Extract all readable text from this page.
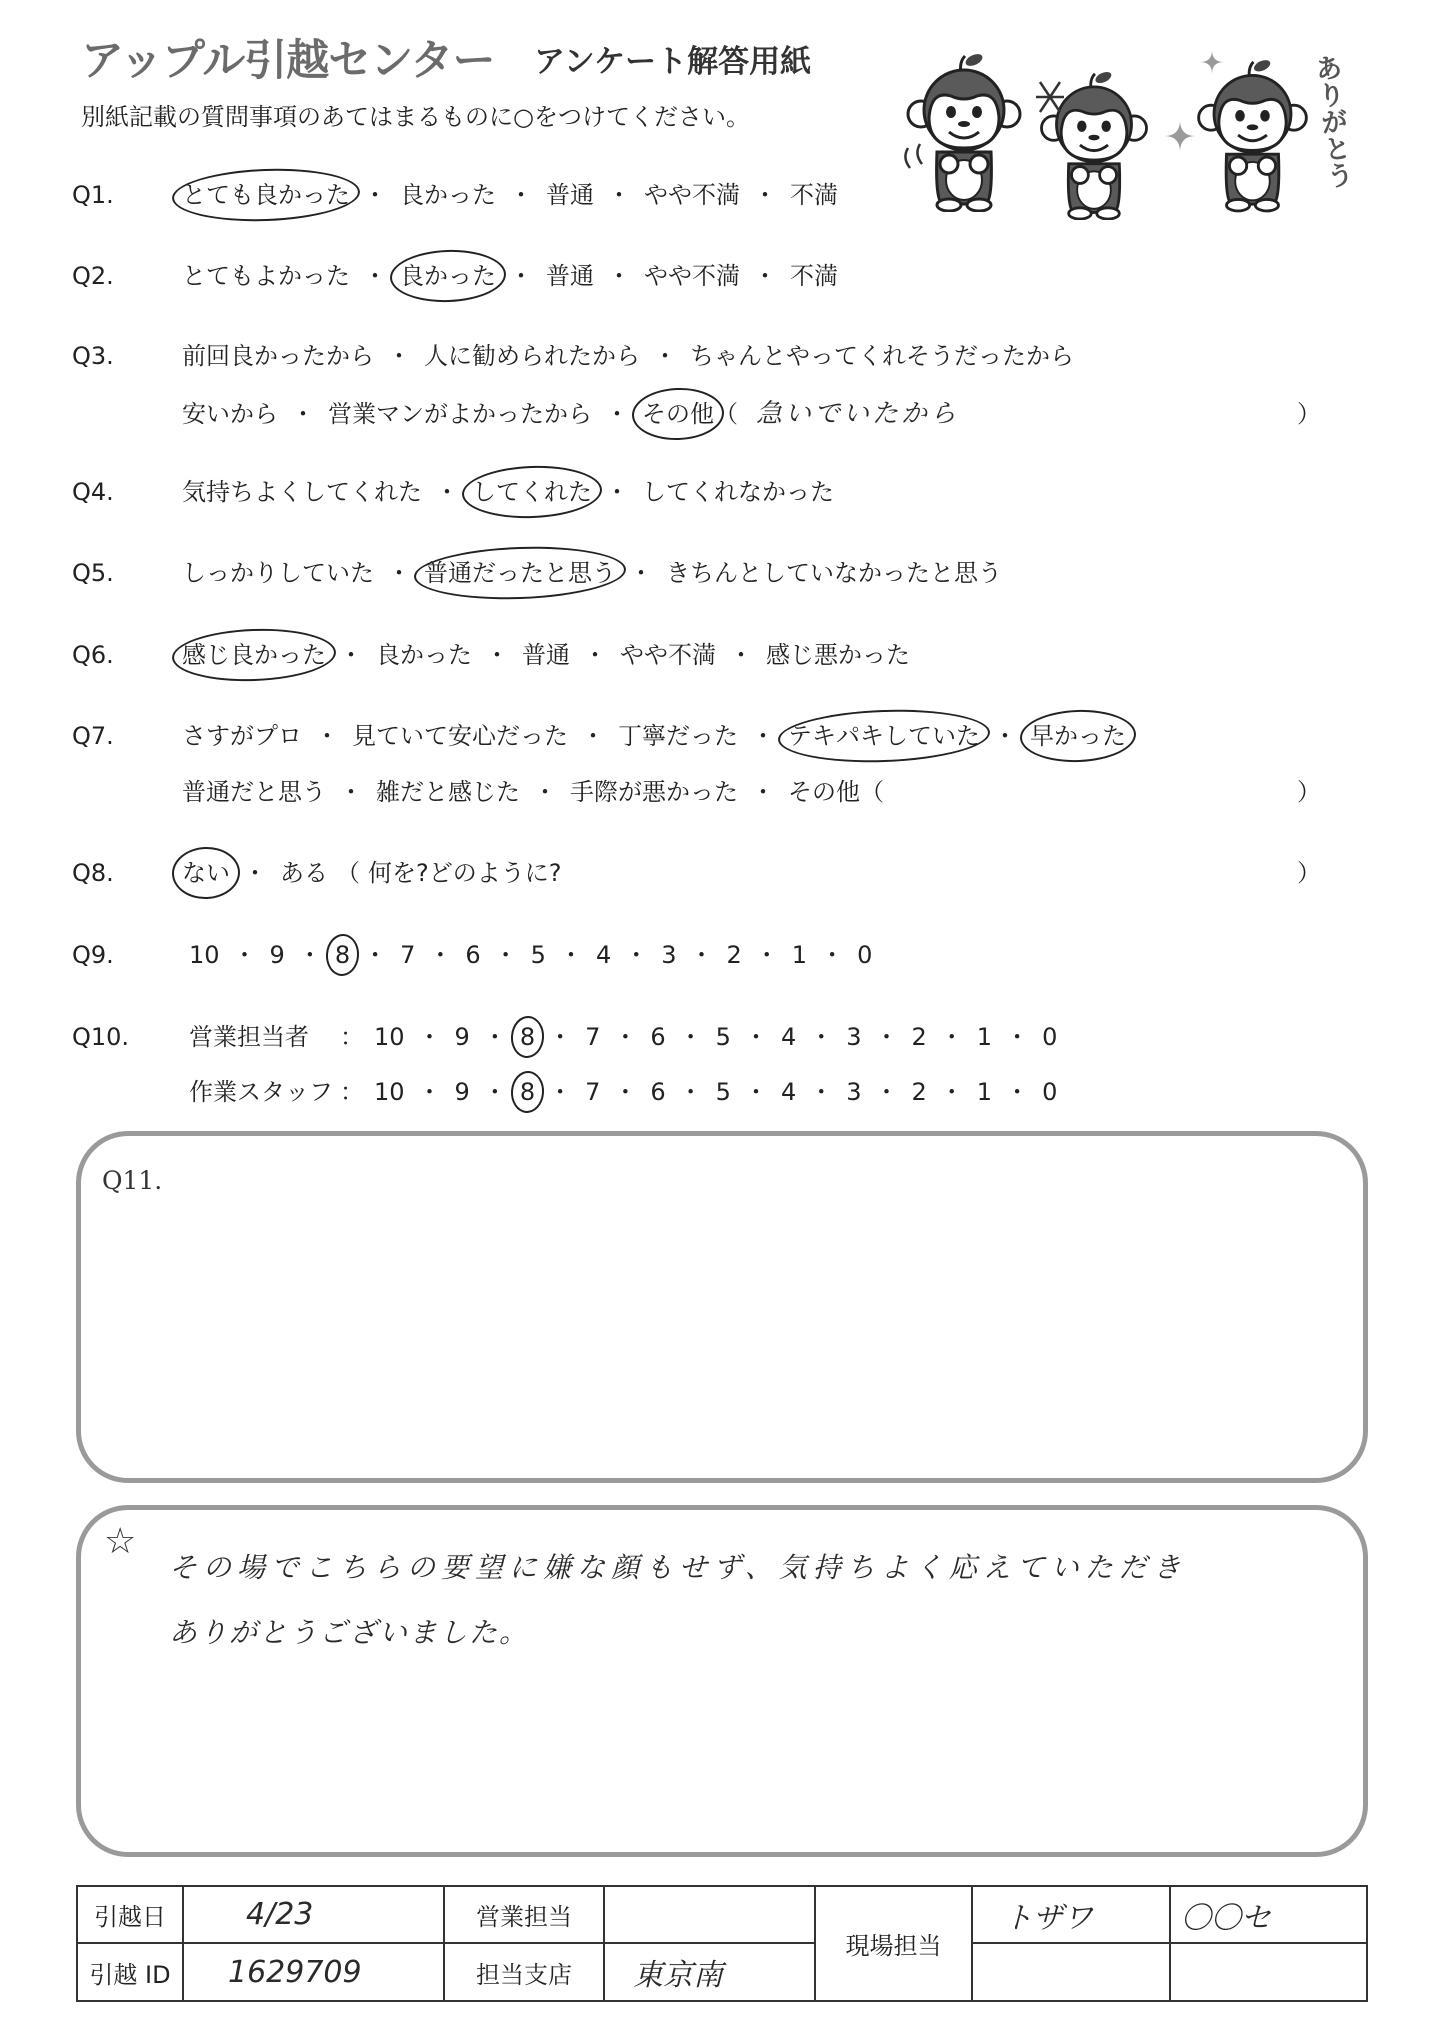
アップル引越センター アンケート解答用紙
別紙記載の質問事項のあてはまるものに○をつけてください。	ありがとう
Q1.	とても良かった ・ 良かった ・ 普通 ・ やや不満 ・ 不満
Q2.	とてもよかった ・ 良かった ・ 普通 ・ やや不満 ・ 不満
Q3.	前回良かったから ・ 人に勧められたから ・ ちゃんとやってくれそうだったから
安いから ・ 営業マンがよかったから ・ その他 （ 急いでいたから	）
Q4.	気持ちよくしてくれた ・ してくれた ・ してくれなかった
Q5.	しっかりしていた ・ 普通だったと思う ・ きちんとしていなかったと思う
Q6.	感じ良かった ・ 良かった ・ 普通 ・ やや不満 ・ 感じ悪かった
Q7.	さすがプロ ・ 見ていて安心だった ・ 丁寧だった ・ テキパキしていた ・ 早かった
普通だと思う ・ 雑だと感じた ・ 手際が悪かった ・ その他 （	）
Q8.	ない ・ ある （ 何を?どのように?	）
Q9.	10 ・ 9 ・ 8 ・ 7 ・ 6 ・ 5 ・ 4 ・ 3 ・ 2 ・ 1 ・ 0
Q10. 営業担当者	： 10 ・ 9 ・ 8 ・ 7 ・ 6 ・ 5 ・ 4 ・ 3 ・ 2 ・ 1 ・ 0
作業スタッフ ： 10 ・ 9 ・ 8 ・ 7 ・ 6 ・ 5 ・ 4 ・ 3 ・ 2 ・ 1 ・ 0
Q11.
☆
その場でこちらの要望に嫌な顔もせず、気持ちよく応えていただき
ありがとうございました。
引越日	4/23	営業担当		現場担当	トザワ	〇〇セ
引越 ID	1629709	担当支店	東京南			
